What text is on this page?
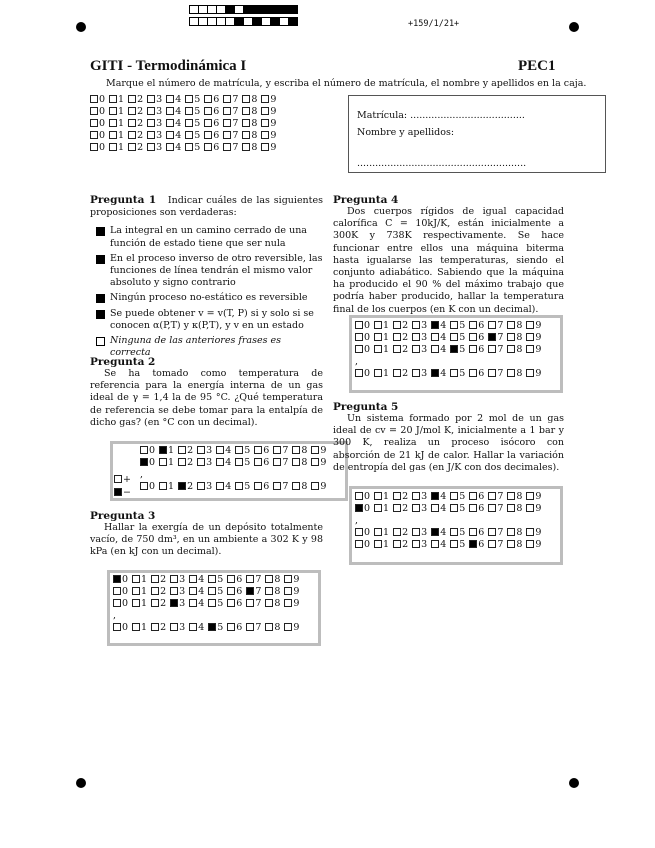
+159/1/21+
GITI - Termodinámica I	PEC1
Marque el número de matrícula, y escriba el número de matrícula, el nombre y apellidos en la caja.
0 1 2 3 4 5 6 7 8 9
0 1 2 3 4 5 6 7 8 9
0 1 2 3 4 5 6 7 8 9
0 1 2 3 4 5 6 7 8 9
0 1 2 3 4 5 6 7 8 9
Matrícula: ......................................
Nombre y apellidos:
........................................................

Pregunta 1 Indicar cuáles de las siguientes proposiciones son verdaderas:

La integral en un camino cerrado de una función de estado tiene que ser nula
En el proceso inverso de otro reversible, las funciones de línea tendrán el mismo valor absoluto y signo contrario
Ningún proceso no-estático es reversible
Se puede obtener v = v(T, P) si y solo si se conocen α(P,T) y κ(P,T), y v en un estado
Ninguna de las anteriores frases es correcta
Pregunta 2

Se ha tomado como temperatura de referencia para la energía interna de un gas ideal de γ = 1,4 la de 95 °C. ¿Qué temperatura de referencia se debe tomar para la entalpía de dicho gas? (en °C con un decimal).

+
−
0 1 2 3 4 5 6 7 8 9
0 1 2 3 4 5 6 7 8 9
,
0 1 2 3 4 5 6 7 8 9
Pregunta 3

Hallar la exergía de un depósito totalmente vacío, de 750 dm³, en un ambiente a 302 K y 98 kPa (en kJ con un decimal).

0 1 2 3 4 5 6 7 8 9
0 1 2 3 4 5 6 7 8 9
0 1 2 3 4 5 6 7 8 9
,
0 1 2 3 4 5 6 7 8 9
Pregunta 4

Dos cuerpos rígidos de igual capacidad calorífica C = 10kJ/K, están inicialmente a 300K y 738K respectivamente. Se hace funcionar entre ellos una máquina biterma hasta igualarse las temperaturas, siendo el conjunto adiabático. Sabiendo que la máquina ha producido el 90 % del máximo trabajo que podría haber producido, hallar la temperatura final de los cuerpos (en K con un decimal).

0 1 2 3 4 5 6 7 8 9
0 1 2 3 4 5 6 7 8 9
0 1 2 3 4 5 6 7 8 9
,
0 1 2 3 4 5 6 7 8 9
Pregunta 5

Un sistema formado por 2 mol de un gas ideal de cv = 20 J/mol K, inicialmente a 1 bar y 300 K, realiza un proceso isócoro con absorción de 21 kJ de calor. Hallar la variación de entropía del gas (en J/K con dos decimales).

0 1 2 3 4 5 6 7 8 9
0 1 2 3 4 5 6 7 8 9
,
0 1 2 3 4 5 6 7 8 9
0 1 2 3 4 5 6 7 8 9
